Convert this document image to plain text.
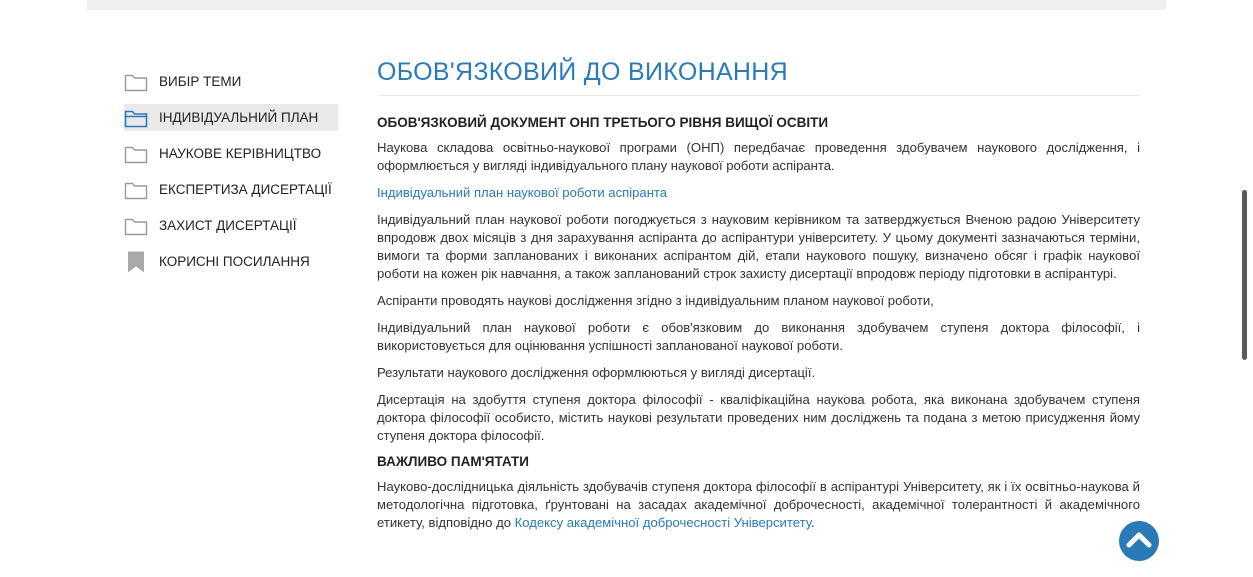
ВИБІР ТЕМИ
ІНДИВІДУАЛЬНИЙ ПЛАН
НАУКОВЕ КЕРІВНИЦТВО
ЕКСПЕРТИЗА ДИСЕРТАЦІЇ
ЗАХИСТ ДИСЕРТАЦІЇ
КОРИСНІ ПОСИЛАННЯ
ОБОВ'ЯЗКОВИЙ ДО ВИКОНАННЯ
ОБОВ'ЯЗКОВИЙ ДОКУМЕНТ ОНП ТРЕТЬОГО РІВНЯ ВИЩОЇ ОСВІТИ

Наукова складова освітньо-наукової програми (ОНП) передбачає проведення здобувачем наукового дослідження, і оформлюється у вигляді індивідуального плану наукової роботи аспіранта.

Індивідуальний план наукової роботи аспіранта

Індивідуальний план наукової роботи погоджується з науковим керівником та затверджується Вченою радою Університету впродовж двох місяців з дня зарахування аспіранта до аспірантури університету. У цьому документі зазначаються терміни, вимоги та форми запланованих і виконаних аспірантом дій, етапи наукового пошуку, визначено обсяг і графік наукової роботи на кожен рік навчання, а також запланований строк захисту дисертації впродовж періоду підготовки в аспірантурі.

Аспіранти проводять наукові дослідження згідно з індивідуальним планом наукової роботи,

Індивідуальний план наукової роботи є обов'язковим до виконання здобувачем ступеня доктора філософії, і використовується для оцінювання успішності запланованої наукової роботи.

Результати наукового дослідження оформлюються у вигляді дисертації.

Дисертація на здобуття ступеня доктора філософії - кваліфікаційна наукова робота, яка виконана здобувачем ступеня доктора філософії особисто, містить наукові результати проведених ним досліджень та подана з метою присудження йому ступеня доктора філософії.

ВАЖЛИВО ПАМ'ЯТАТИ

Науково-дослідницька діяльність здобувачів ступеня доктора філософії в аспірантурі Університету, як і їх освітньо-наукова й методологічна підготовка, ґрунтовані на засадах академічної доброчесності, академічної толерантності й академічного етикету, відповідно до Кодексу академічної доброчесності Університету.
